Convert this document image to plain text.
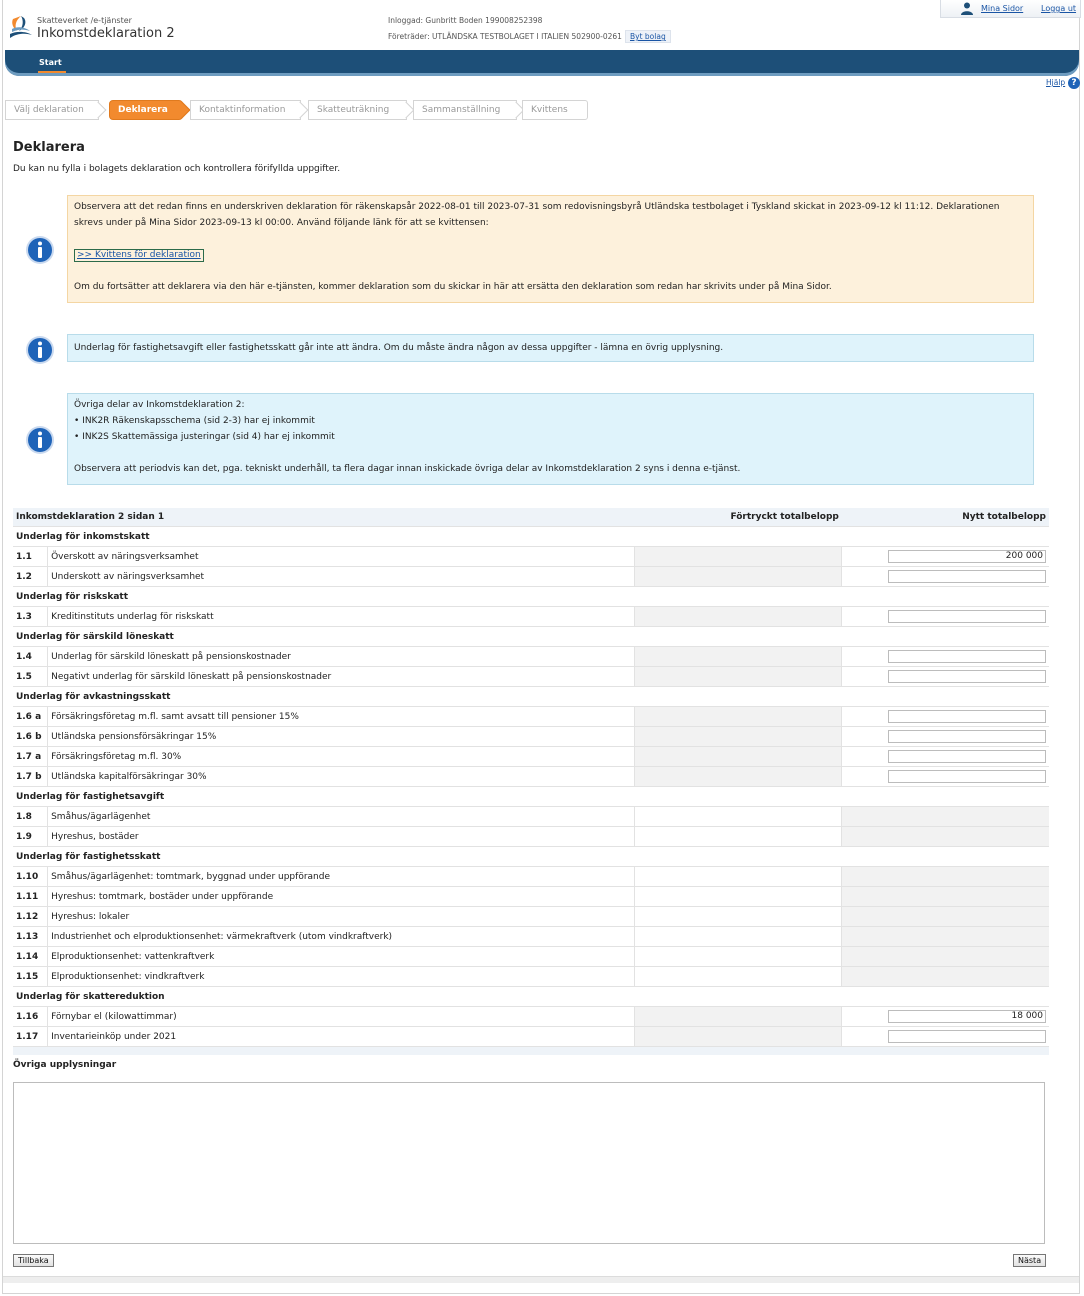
Skatteverket /e-tjänster
Inkomstdeklaration 2
Inloggad: Gunbritt Boden 199008252398
Företräder: UTLÄNDSKA TESTBOLAGET I ITALIEN 502900-0261	Byt bolag
Mina Sidor Logga ut
Start
Hjälp ?
Välj deklaration	Deklarera	Kontaktinformation	Skatteuträkning	Sammanställning	Kvittens
Deklarera
Du kan nu fylla i bolagets deklaration och kontrollera förifyllda uppgifter.

Observera att det redan finns en underskriven deklaration för räkenskapsår 2022-08-01 till 2023-07-31 som redovisningsbyrå Utländska testbolaget i Tyskland skickat in 2023-09-12 kl 11:12. Deklarationen skrevs under på Mina Sidor 2023-09-13 kl 00:00. Använd följande länk för att se kvittensen:

>> Kvittens för deklaration

Om du fortsätter att deklarera via den här e-tjänsten, kommer deklaration som du skickar in här att ersätta den deklaration som redan har skrivits under på Mina Sidor.

Underlag för fastighetsavgift eller fastighetsskatt går inte att ändra. Om du måste ändra någon av dessa uppgifter - lämna en övrig upplysning.

Övriga delar av Inkomstdeklaration 2:

• INK2R Räkenskapsschema (sid 2-3) har ej inkommit

• INK2S Skattemässiga justeringar (sid 4) har ej inkommit

Observera att periodvis kan det, pga. tekniskt underhåll, ta flera dagar innan inskickade övriga delar av Inkomstdeklaration 2 syns i denna e-tjänst.

Inkomstdeklaration 2 sidan 1		Förtryckt totalbelopp	Nytt totalbelopp
Underlag för inkomstskatt			
1.1	Överskott av näringsverksamhet		200 000

1.2	Underskott av näringsverksamhet		

Underlag för riskskatt			
1.3	Kreditinstituts underlag för riskskatt		

Underlag för särskild löneskatt			
1.4	Underlag för särskild löneskatt på pensionskostnader		

1.5	Negativt underlag för särskild löneskatt på pensionskostnader		

Underlag för avkastningsskatt			
1.6 a	Försäkringsföretag m.fl. samt avsatt till pensioner 15%		

1.6 b	Utländska pensionsförsäkringar 15%		

1.7 a	Försäkringsföretag m.fl. 30%		

1.7 b	Utländska kapitalförsäkringar 30%		

Underlag för fastighetsavgift			
1.8	Småhus/ägarlägenhet		
1.9	Hyreshus, bostäder		
Underlag för fastighetsskatt			
1.10	Småhus/ägarlägenhet: tomtmark, byggnad under uppförande		
1.11	Hyreshus: tomtmark, bostäder under uppförande		
1.12	Hyreshus: lokaler		
1.13	Industrienhet och elproduktionsenhet: värmekraftverk (utom vindkraftverk)		
1.14	Elproduktionsenhet: vattenkraftverk		
1.15	Elproduktionsenhet: vindkraftverk		
Underlag för skattereduktion			
1.16	Förnybar el (kilowattimmar)		18 000

1.17	Inventarieinköp under 2021		

Övriga upplysningar
Tillbaka	Nästa
